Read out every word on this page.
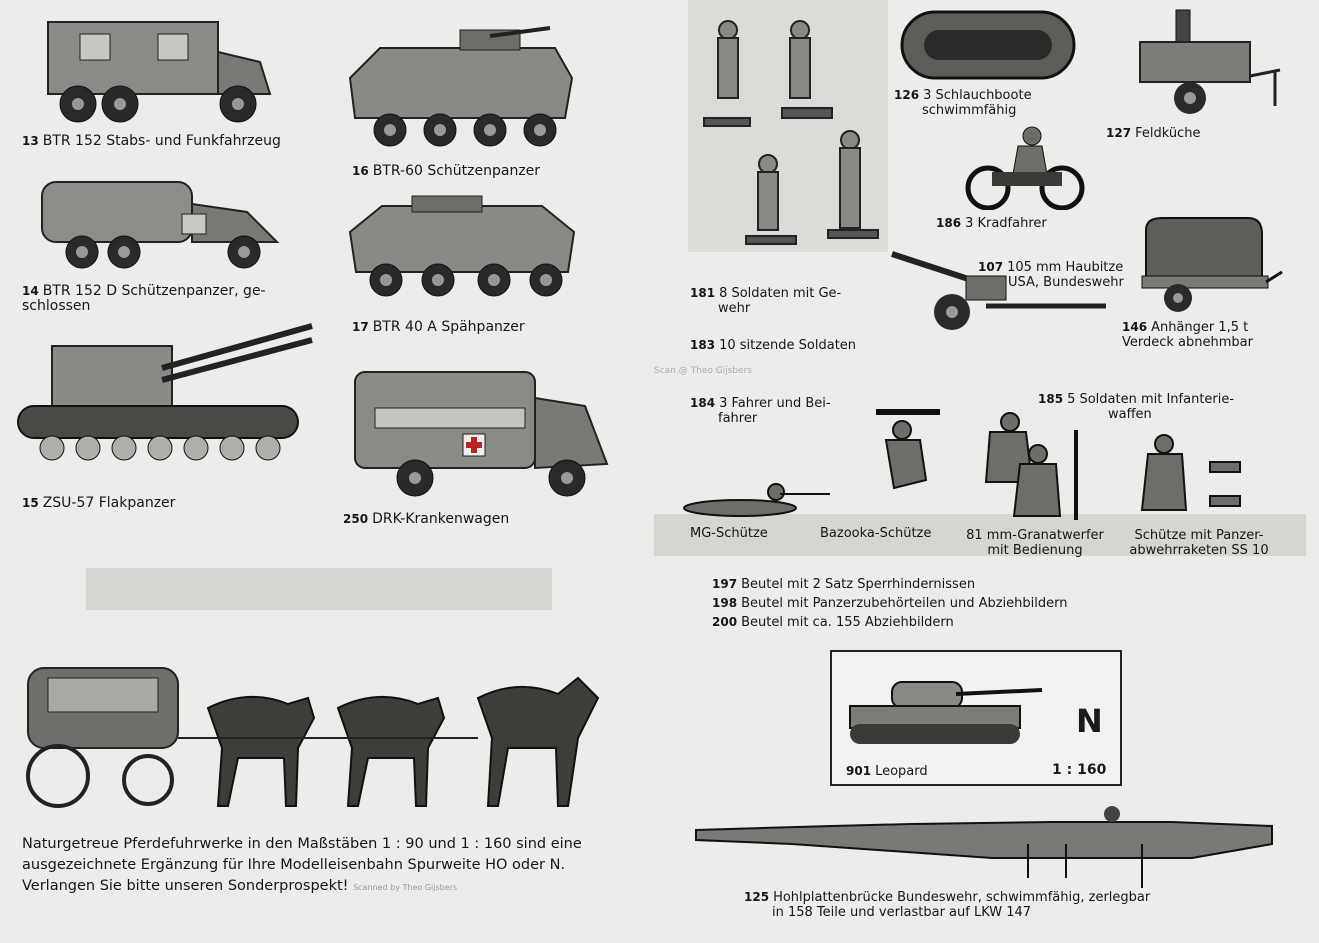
13 BTR 152 Stabs- und Funkfahrzeug
16 BTR-60 Schützenpanzer
14 BTR 152 D Schützenpanzer, ge-
schlossen
17 BTR 40 A Spähpanzer
15 ZSU-57 Flakpanzer
250 DRK-Krankenwagen
Naturgetreue Pferdefuhrwerke in den Maßstäben 1 : 90 und 1 : 160 sind eine
ausgezeichnete Ergänzung für Ihre Modelleisenbahn Spurweite HO oder N.
Verlangen Sie bitte unseren Sonderprospekt! Scanned by Theo Gijsbers
126 3 Schlauchboote
schwimmfähig
127 Feldküche
186 3 Kradfahrer
107 105 mm Haubitze
USA, Bundeswehr
146 Anhänger 1,5 t
Verdeck abnehmbar
181 8 Soldaten mit Ge-
wehr
183 10 sitzende Soldaten
184 3 Fahrer und Bei-
fahrer
Scan @ Theo Gijsbers
185 5 Soldaten mit Infanterie-
waffen
MG-Schütze	Bazooka-Schütze	81 mm-Granatwerfer
mit Bedienung
Schütze mit Panzer-
abwehrraketen SS 10
197 Beutel mit 2 Satz Sperrhindernissen
198 Beutel mit Panzerzubehörteilen und Abziehbildern
200 Beutel mit ca. 155 Abziehbildern
N
901 Leopard	1 : 160
125 Hohlplattenbrücke Bundeswehr, schwimmfähig, zerlegbar
in 158 Teile und verlastbar auf LKW 147
